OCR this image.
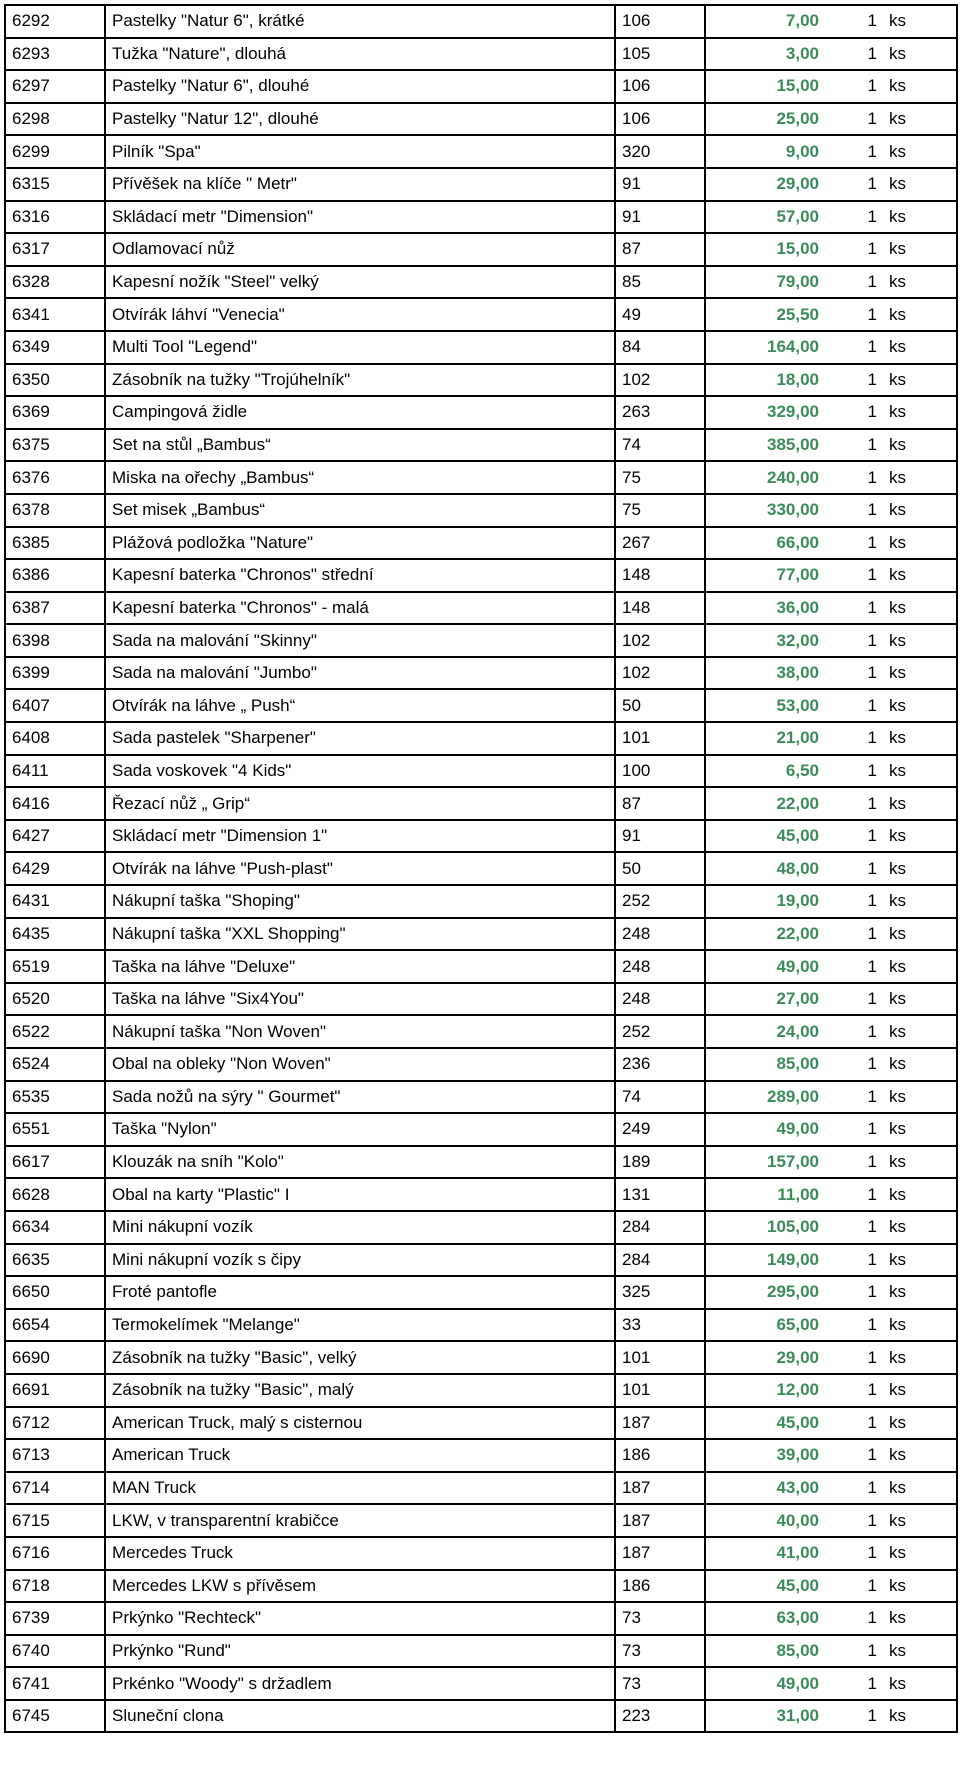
6292	Pastelky "Natur 6", krátké	106	7,00	1	ks
6293	Tužka "Nature", dlouhá	105	3,00	1	ks
6297	Pastelky "Natur 6", dlouhé	106	15,00	1	ks
6298	Pastelky "Natur 12", dlouhé	106	25,00	1	ks
6299	Pilník "Spa"	320	9,00	1	ks
6315	Přívěšek na klíče " Metr"	91	29,00	1	ks
6316	Skládací metr "Dimension"	91	57,00	1	ks
6317	Odlamovací nůž	87	15,00	1	ks
6328	Kapesní nožík "Steel" velký	85	79,00	1	ks
6341	Otvírák láhví "Venecia"	49	25,50	1	ks
6349	Multi Tool "Legend"	84	164,00	1	ks
6350	Zásobník na tužky "Trojúhelník"	102	18,00	1	ks
6369	Campingová židle	263	329,00	1	ks
6375	Set na stůl „Bambus“	74	385,00	1	ks
6376	Miska na ořechy „Bambus“	75	240,00	1	ks
6378	Set misek „Bambus“	75	330,00	1	ks
6385	Plážová podložka "Nature"	267	66,00	1	ks
6386	Kapesní baterka "Chronos" střední	148	77,00	1	ks
6387	Kapesní baterka "Chronos" - malá	148	36,00	1	ks
6398	Sada na malování "Skinny"	102	32,00	1	ks
6399	Sada na malování "Jumbo"	102	38,00	1	ks
6407	Otvírák na láhve „ Push“	50	53,00	1	ks
6408	Sada pastelek "Sharpener"	101	21,00	1	ks
6411	Sada voskovek "4 Kids"	100	6,50	1	ks
6416	Řezací nůž „ Grip“	87	22,00	1	ks
6427	Skládací metr "Dimension 1"	91	45,00	1	ks
6429	Otvírák na láhve "Push-plast"	50	48,00	1	ks
6431	Nákupní taška "Shoping"	252	19,00	1	ks
6435	Nákupní taška "XXL Shopping"	248	22,00	1	ks
6519	Taška na láhve "Deluxe"	248	49,00	1	ks
6520	Taška na láhve "Six4You"	248	27,00	1	ks
6522	Nákupní taška "Non Woven"	252	24,00	1	ks
6524	Obal na obleky "Non Woven"	236	85,00	1	ks
6535	Sada nožů na sýry " Gourmet"	74	289,00	1	ks
6551	Taška "Nylon"	249	49,00	1	ks
6617	Klouzák na sníh "Kolo"	189	157,00	1	ks
6628	Obal na karty "Plastic" I	131	11,00	1	ks
6634	Mini nákupní vozík	284	105,00	1	ks
6635	Mini nákupní vozík s čipy	284	149,00	1	ks
6650	Froté pantofle	325	295,00	1	ks
6654	Termokelímek "Melange"	33	65,00	1	ks
6690	Zásobník na tužky "Basic", velký	101	29,00	1	ks
6691	Zásobník na tužky "Basic", malý	101	12,00	1	ks
6712	American Truck, malý s cisternou	187	45,00	1	ks
6713	American Truck	186	39,00	1	ks
6714	MAN Truck	187	43,00	1	ks
6715	LKW, v transparentní krabičce	187	40,00	1	ks
6716	Mercedes Truck	187	41,00	1	ks
6718	Mercedes LKW s přívěsem	186	45,00	1	ks
6739	Prkýnko "Rechteck"	73	63,00	1	ks
6740	Prkýnko "Rund"	73	85,00	1	ks
6741	Prkénko "Woody" s držadlem	73	49,00	1	ks
6745	Sluneční clona	223	31,00	1	ks
